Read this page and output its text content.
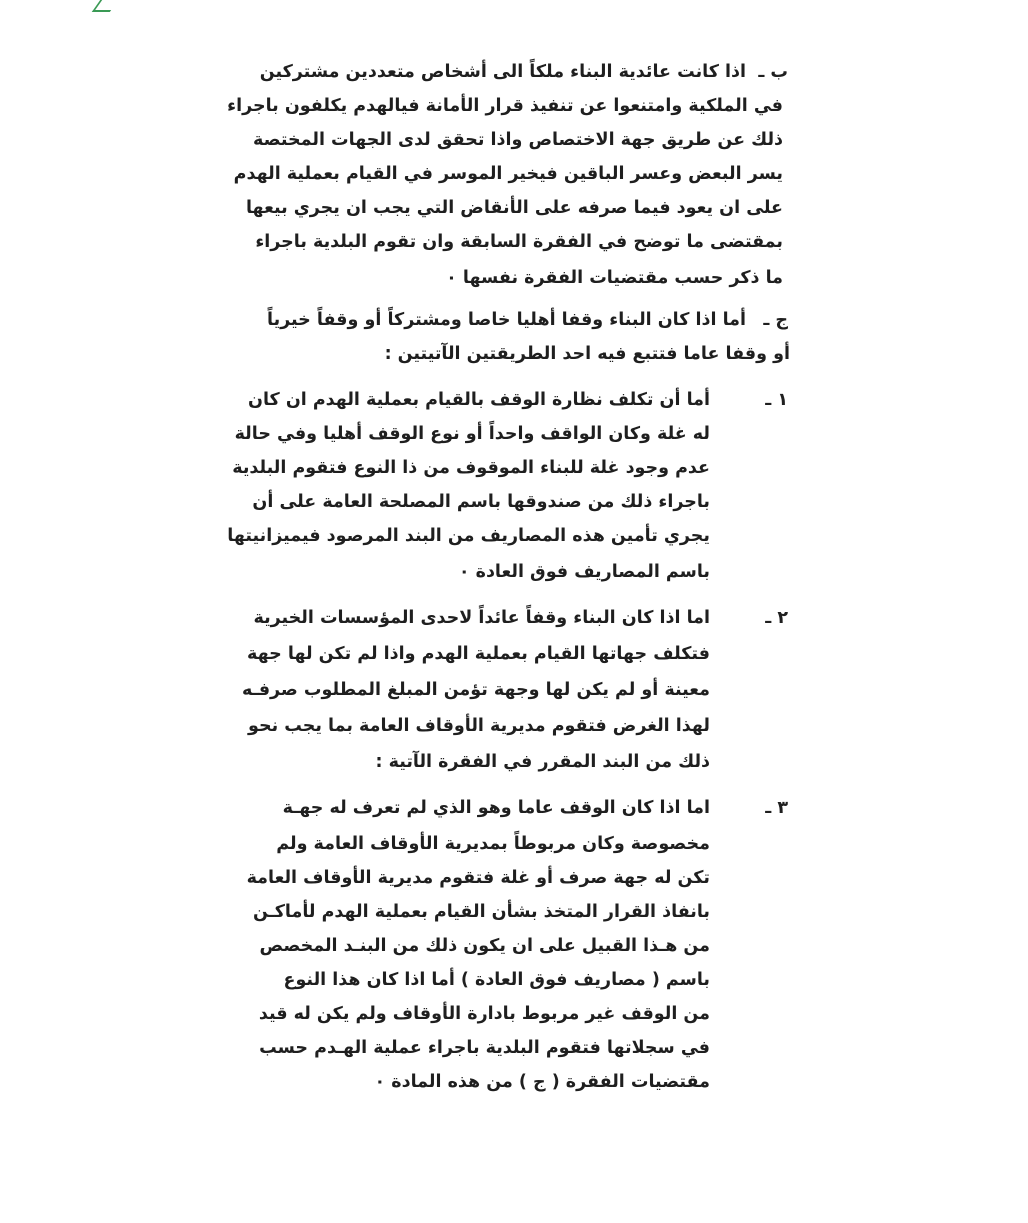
ب ـ
اذا كانت عائدية البناء ملكاً الى أشخاص متعددين مشتركين
في الملكية وامتنعوا عن تنفيذ قرار الأمانة فيالهدم يكلفون باجراء
ذلك عن طريق جهة الاختصاص واذا تحقق لدى الجهات المختصة
يسر البعض وعسر الباقين فيخير الموسر في القيام بعملية الهدم
على ان يعود فيما صرفه على الأنقاض التي يجب ان يجري بيعها
بمقتضى ما توضح في الفقرة السابقة وان تقوم البلدية باجراء
ما ذكر حسب مقتضيات الفقرة نفسها ٠
ج ـ
أما اذا كان البناء وقفا أهليا خاصا ومشتركاً أو وقفاً خيرياً
أو وقفا عاما فتتبع فيه احد الطريقتين الآتيتين :
١ ـ
أما أن تكلف نظارة الوقف بالقيام بعملية الهدم ان كان
له غلة وكان الواقف واحداً أو نوع الوقف أهليا وفي حالة
عدم وجود غلة للبناء الموقوف من ذا النوع فتقوم البلدية
باجراء ذلك من صندوقها باسم المصلحة العامة على أن
يجري تأمين هذه المصاريف من البند المرصود فيميزانيتها
باسم المصاريف فوق العادة ٠
٢ ـ
اما اذا كان البناء وقفاً عائداً لاحدى المؤسسات الخيرية
فتكلف جهاتها القيام بعملية الهدم واذا لم تكن لها جهة
معينة أو لم يكن لها وجهة تؤمن المبلغ المطلوب صرفـه
لهذا الغرض فتقوم مديرية الأوقاف العامة بما يجب نحو
ذلك من البند المقرر في الفقرة الآتية :
٣ ـ
اما اذا كان الوقف عاما وهو الذي لم تعرف له جهـة
مخصوصة وكان مربوطاً بمديرية الأوقاف العامة ولم
تكن له جهة صرف أو غلة فتقوم مديرية الأوقاف العامة
بانفاذ القرار المتخذ بشأن القيام بعملية الهدم لأماكـن
من هـذا القبيل على ان يكون ذلك من البنـد المخصص
باسم ( مصاريف فوق العادة ) أما اذا كان هذا النوع
من الوقف غير مربوط بادارة الأوقاف ولم يكن له قيد
في سجلاتها فتقوم البلدية باجراء عملية الهـدم حسب
مقتضيات الفقرة ( ج ) من هذه المادة ٠
